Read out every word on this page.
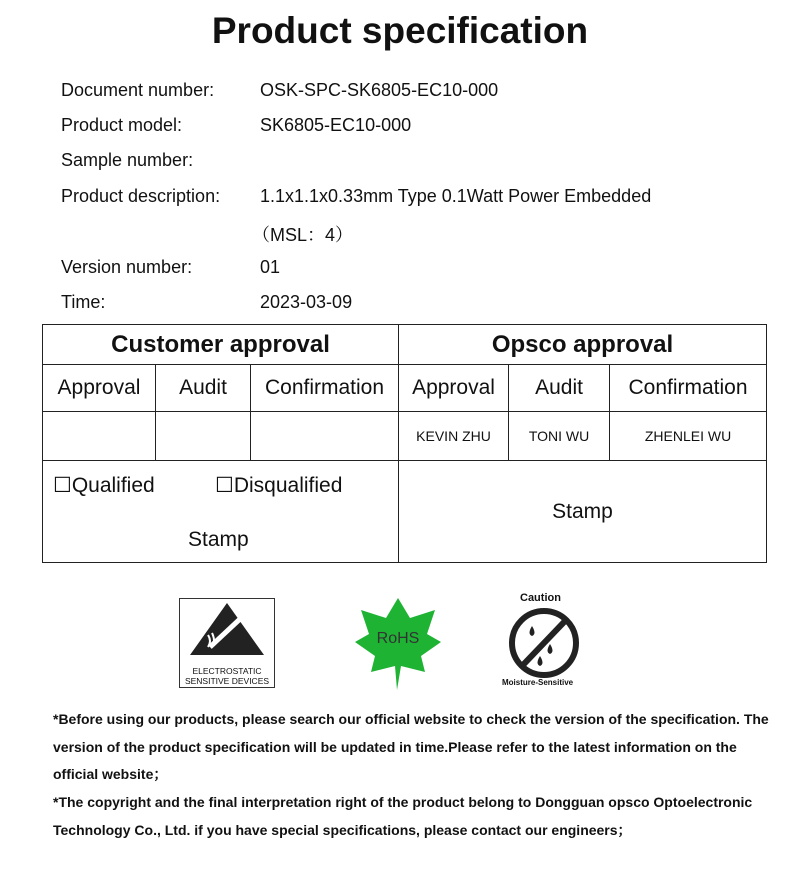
Product specification
Document number:	OSK-SPC-SK6805-EC10-000
Product model:	SK6805-EC10-000
Sample number:
Product description: 1.1x1.1x0.33mm Type 0.1Watt Power Embedded
（MSL：4）
Version number:	01
Time:	2023-03-09
Customer approval			Opsco approval		
Approval	Audit	Confirmation	Approval	Audit	Confirmation
			KEVIN ZHU	TONI WU	ZHENLEI WU

☐Qualified ☐Disqualified
Stamp			Stamp		
ELECTROSTATIC
SENSITIVE DEVICES
RoHS
Caution
Moisture-Sensitive
*Before using our products, please search our official website to check the version of the specification. The version of the product specification will be updated in time.Please refer to the latest information on the official website；
*The copyright and the final interpretation right of the product belong to Dongguan opsco Optoelectronic Technology Co., Ltd. if you have special specifications, please contact our engineers；
